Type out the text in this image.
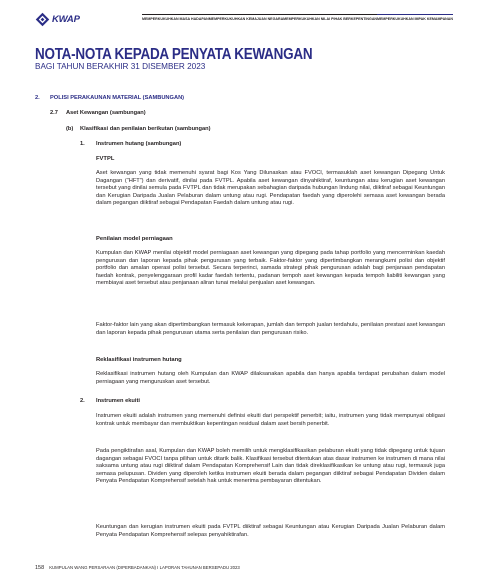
KWAP	MEMPERKUKUHKAN MASA HADAPAN MEMPERKUKUHKAN KEMAJUAN NEGARA MEMPERKUKUHKAN NILAI PIHAK BERKEPENTINGAN MEMPERKUKUHKAN IMPAK KEMAMPANAN
NOTA-NOTA KEPADA PENYATA KEWANGAN
BAGI TAHUN BERAKHIR 31 DISEMBER 2023
2. POLISI PERAKAUNAN MATERIAL (SAMBUNGAN)
2.7 Aset Kewangan (sambungan)
(b) Klasifikasi dan penilaian berikutan (sambungan)
1. Instrumen hutang (sambungan)
FVTPL

Aset kewangan yang tidak memenuhi syarat bagi Kos Yang Dilunaskan atau FVOCI, termasuklah aset kewangan Dipegang Untuk Dagangan (“HFT”) dan derivatif, dinilai pada FVTPL. Apabila aset kewangan dinyahiktiraf, keuntungan atau kerugian aset kewangan tersebut yang dinilai semula pada FVTPL dan tidak merupakan sebahagian daripada hubungan lindung nilai, diiktiraf sebagai Keuntungan dan Kerugian Daripada Jualan Pelaburan dalam untung atau rugi. Pendapatan faedah yang diperolehi semasa aset kewangan berada dalam pegangan diiktiraf sebagai Pendapatan Faedah dalam untung atau rugi.

Penilaian model perniagaan

Kumpulan dan KWAP menilai objektif model perniagaan aset kewangan yang dipegang pada tahap portfolio yang mencerminkan kaedah pengurusan dan laporan kepada pihak pengurusan yang terbaik. Faktor-faktor yang dipertimbangkan merangkumi polisi dan objektif portfolio dan amalan operasi polisi tersebut. Secara terperinci, samada strategi pihak pengurusan adalah bagi penjanaan pendapatan faedah kontrak, penyelenggaraan profil kadar faedah tertentu, padanan tempoh aset kewangan kepada tempoh liabiliti kewangan yang membiayai aset tersebut atau penjanaan aliran tunai melalui penjualan aset kewangan.

Faktor-faktor lain yang akan dipertimbangkan termasuk kekerapan, jumlah dan tempoh jualan terdahulu, penilaian prestasi aset kewangan dan laporan kepada pihak pengurusan utama serta penilaian dan pengurusan risiko.

Reklasifikasi instrumen hutang

Reklasifikasi instrumen hutang oleh Kumpulan dan KWAP dilaksanakan apabila dan hanya apabila terdapat perubahan dalam model perniagaan yang menguruskan aset tersebut.

2. Instrumen ekuiti

Instrumen ekuiti adalah instrumen yang memenuhi definisi ekuiti dari perspektif penerbit; iaitu, instrumen yang tidak mempunyai obligasi kontrak untuk membayar dan membuktikan kepentingan residual dalam aset bersih penerbit.

Pada pengiktirafan asal, Kumpulan dan KWAP boleh memilih untuk mengklasifikasikan pelaburan ekuiti yang tidak dipegang untuk tujuan dagangan sebagai FVOCI tanpa pilihan untuk ditarik balik. Klasifikasi tersebut ditentukan atas dasar instrumen ke instrumen di mana nilai saksama untung atau rugi diiktiraf dalam Pendapatan Komprehensif Lain dan tidak direklasifikasikan ke untung atau rugi, termasuk juga semasa pelupusan. Dividen yang diperoleh ketika instrumen ekuiti berada dalam pegangan diiktiraf sebagai Pendapatan Dividen dalam Penyata Pendapatan Komprehensif setelah hak untuk menerima pembayaran ditentukan.

Keuntungan dan kerugian instrumen ekuiti pada FVTPL diiktiraf sebagai Keuntungan atau Kerugian Daripada Jualan Pelaburan dalam Penyata Pendapatan Komprehensif selepas penyahiktirafan.

158 KUMPULAN WANG PERSARAAN (DIPERBADANKAN) I LAPORAN TAHUNAN BERSEPADU 2023
